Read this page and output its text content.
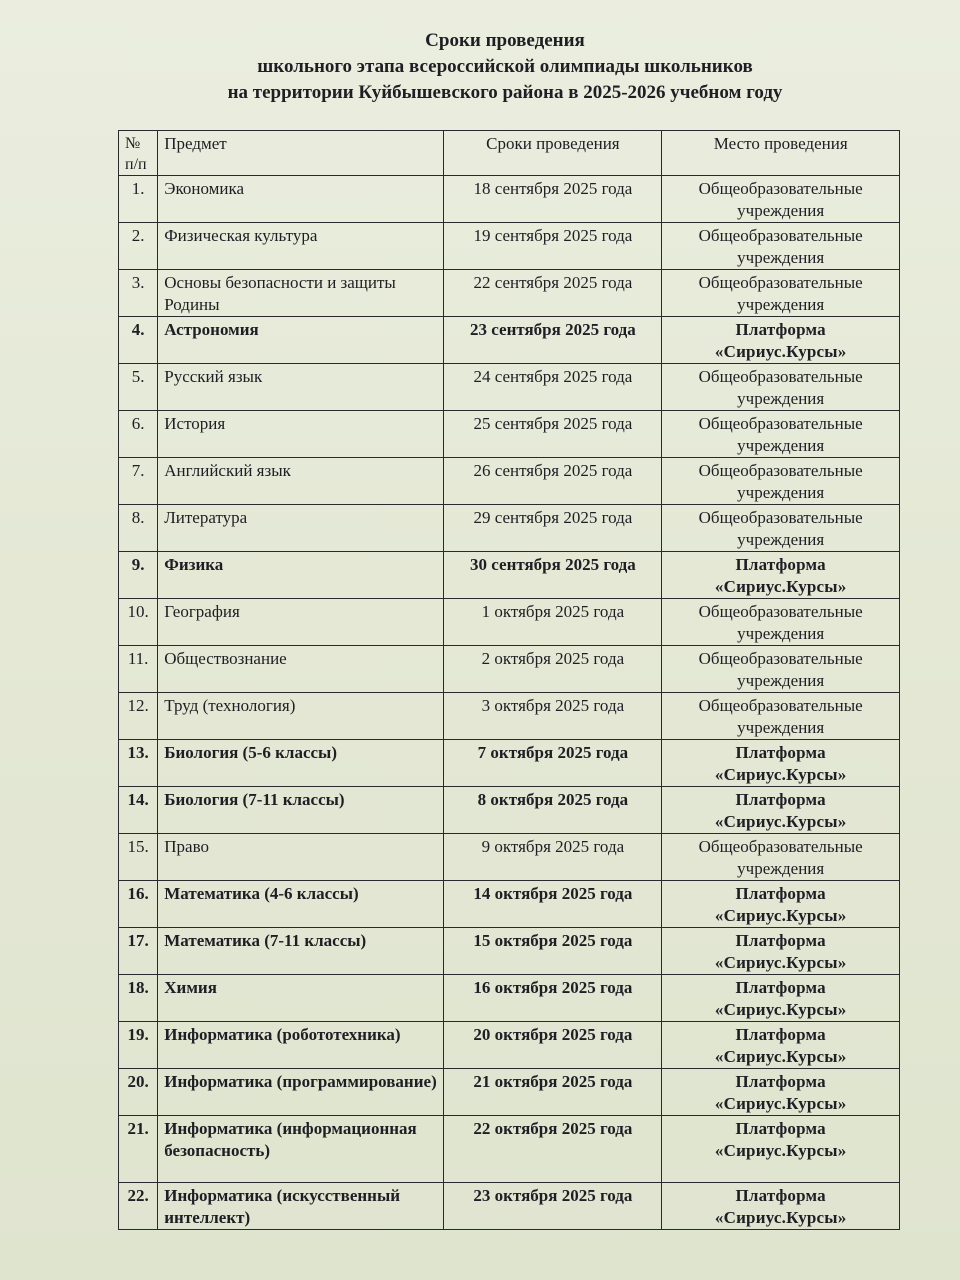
Сроки проведения
школьного этапа всероссийской олимпиады школьников
на территории Куйбышевского района в 2025-2026 учебном году
№ п/п	Предмет	Сроки проведения	Место проведения
1.	Экономика	18 сентября 2025 года	Общеобразовательные учреждения
2.	Физическая культура	19 сентября 2025 года	Общеобразовательные учреждения
3.	Основы безопасности и защиты Родины	22 сентября 2025 года	Общеобразовательные учреждения
4.	Астрономия	23 сентября 2025 года	Платформа «Сириус.Курсы»
5.	Русский язык	24 сентября 2025 года	Общеобразовательные учреждения
6.	История	25 сентября 2025 года	Общеобразовательные учреждения
7.	Английский язык	26 сентября 2025 года	Общеобразовательные учреждения
8.	Литература	29 сентября 2025 года	Общеобразовательные учреждения
9.	Физика	30 сентября 2025 года	Платформа «Сириус.Курсы»
10.	География	1 октября 2025 года	Общеобразовательные учреждения
11.	Обществознание	2 октября 2025 года	Общеобразовательные учреждения
12.	Труд (технология)	3 октября 2025 года	Общеобразовательные учреждения
13.	Биология (5-6 классы)	7 октября 2025 года	Платформа «Сириус.Курсы»
14.	Биология (7-11 классы)	8 октября 2025 года	Платформа «Сириус.Курсы»
15.	Право	9 октября 2025 года	Общеобразовательные учреждения
16.	Математика (4-6 классы)	14 октября 2025 года	Платформа «Сириус.Курсы»
17.	Математика (7-11 классы)	15 октября 2025 года	Платформа «Сириус.Курсы»
18.	Химия	16 октября 2025 года	Платформа «Сириус.Курсы»
19.	Информатика (робототехника)	20 октября 2025 года	Платформа «Сириус.Курсы»
20.	Информатика (программирование)	21 октября 2025 года	Платформа «Сириус.Курсы»
21.	Информатика (информационная безопасность)	22 октября 2025 года	Платформа «Сириус.Курсы»
22.	Информатика (искусственный интеллект)	23 октября 2025 года	Платформа «Сириус.Курсы»
